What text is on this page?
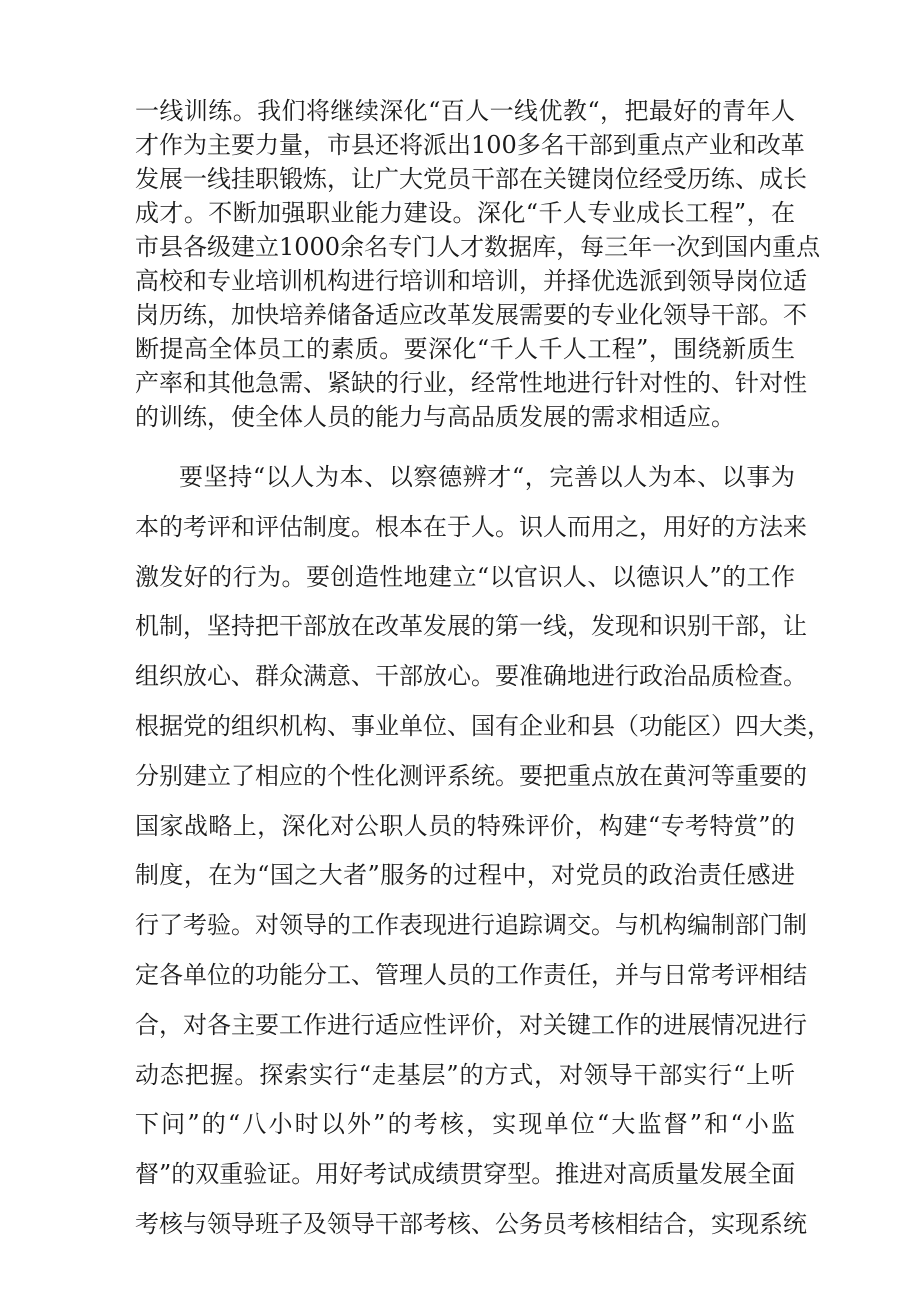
一线训练。我们将继续深化“百人一线优教“，把最好的青年人
才作为主要力量，市县还将派出100多名干部到重点产业和改革
发展一线挂职锻炼，让广大党员干部在关键岗位经受历练、成长
成才。不断加强职业能力建设。深化“千人专业成长工程”，在
市县各级建立1000余名专门人才数据库，每三年一次到国内重点
高校和专业培训机构进行培训和培训，并择优选派到领导岗位适
岗历练，加快培养储备适应改革发展需要的专业化领导干部。不
断提高全体员工的素质。要深化“千人千人工程”，围绕新质生
产率和其他急需、紧缺的行业，经常性地进行针对性的、针对性
的训练，使全体人员的能力与高品质发展的需求相适应。
要坚持“以人为本、以察德辨才“，完善以人为本、以事为
本的考评和评估制度。根本在于人。识人而用之，用好的方法来
激发好的行为。要创造性地建立“以官识人、以德识人”的工作
机制，坚持把干部放在改革发展的第一线，发现和识别干部，让
组织放心、群众满意、干部放心。要准确地进行政治品质检查。
根据党的组织机构、事业单位、国有企业和县（功能区）四大类，
分别建立了相应的个性化测评系统。要把重点放在黄河等重要的
国家战略上，深化对公职人员的特殊评价，构建“专考特赏”的
制度，在为“国之大者”服务的过程中，对党员的政治责任感进
行了考验。对领导的工作表现进行追踪调交。与机构编制部门制
定各单位的功能分工、管理人员的工作责任，并与日常考评相结
合，对各主要工作进行适应性评价，对关键工作的进展情况进行
动态把握。探索实行“走基层”的方式，对领导干部实行“上听
下问”的“八小时以外”的考核，实现单位“大监督”和“小监
督”的双重验证。用好考试成绩贯穿型。推进对高质量发展全面
考核与领导班子及领导干部考核、公务员考核相结合，实现系统
